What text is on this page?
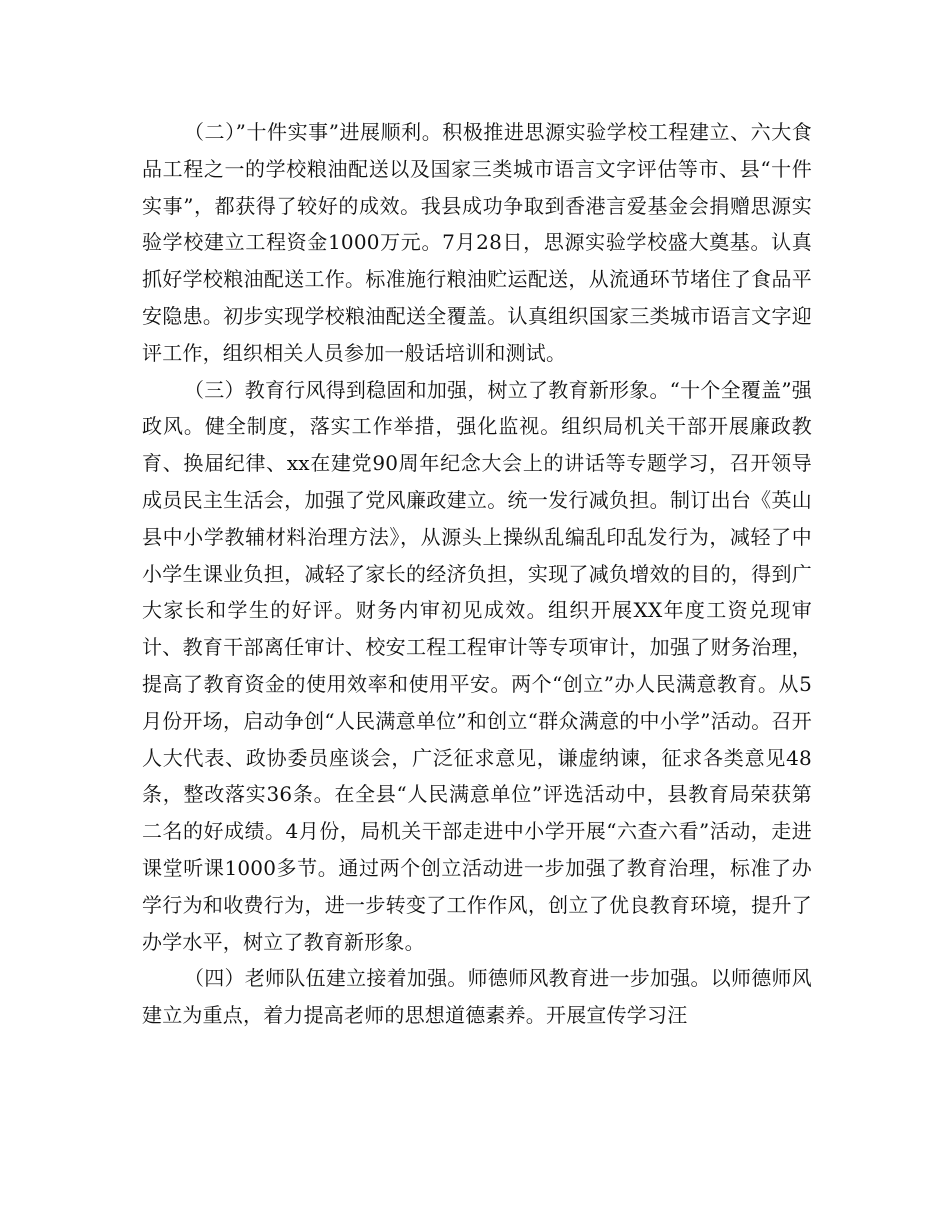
（二）”十件实事”进展顺利。积极推进思源实验学校工程建立、六大食品工程之一的学校粮油配送以及国家三类城市语言文字评估等市、县“十件实事”，都获得了较好的成效。我县成功争取到香港言爱基金会捐赠思源实验学校建立工程资金1000万元。7月28日，思源实验学校盛大奠基。认真抓好学校粮油配送工作。标准施行粮油贮运配送，从流通环节堵住了食品平安隐患。初步实现学校粮油配送全覆盖。认真组织国家三类城市语言文字迎评工作，组织相关人员参加一般话培训和测试。

（三）教育行风得到稳固和加强，树立了教育新形象。“十个全覆盖”强政风。健全制度，落实工作举措，强化监视。组织局机关干部开展廉政教育、换届纪律、xx在建党90周年纪念大会上的讲话等专题学习，召开领导成员民主生活会，加强了党风廉政建立。统一发行减负担。制订出台《英山县中小学教辅材料治理方法》，从源头上操纵乱编乱印乱发行为，减轻了中小学生课业负担，减轻了家长的经济负担，实现了减负增效的目的，得到广大家长和学生的好评。财务内审初见成效。组织开展XX年度工资兑现审计、教育干部离任审计、校安工程工程审计等专项审计，加强了财务治理，提高了教育资金的使用效率和使用平安。两个“创立”办人民满意教育。从5月份开场，启动争创“人民满意单位”和创立“群众满意的中小学”活动。召开人大代表、政协委员座谈会，广泛征求意见，谦虚纳谏，征求各类意见48条，整改落实36条。在全县“人民满意单位”评选活动中，县教育局荣获第二名的好成绩。4月份，局机关干部走进中小学开展“六查六看”活动，走进课堂听课1000多节。通过两个创立活动进一步加强了教育治理，标准了办学行为和收费行为，进一步转变了工作作风，创立了优良教育环境，提升了办学水平，树立了教育新形象。

（四）老师队伍建立接着加强。师德师风教育进一步加强。以师德师风建立为重点，着力提高老师的思想道德素养。开展宣传学习汪
